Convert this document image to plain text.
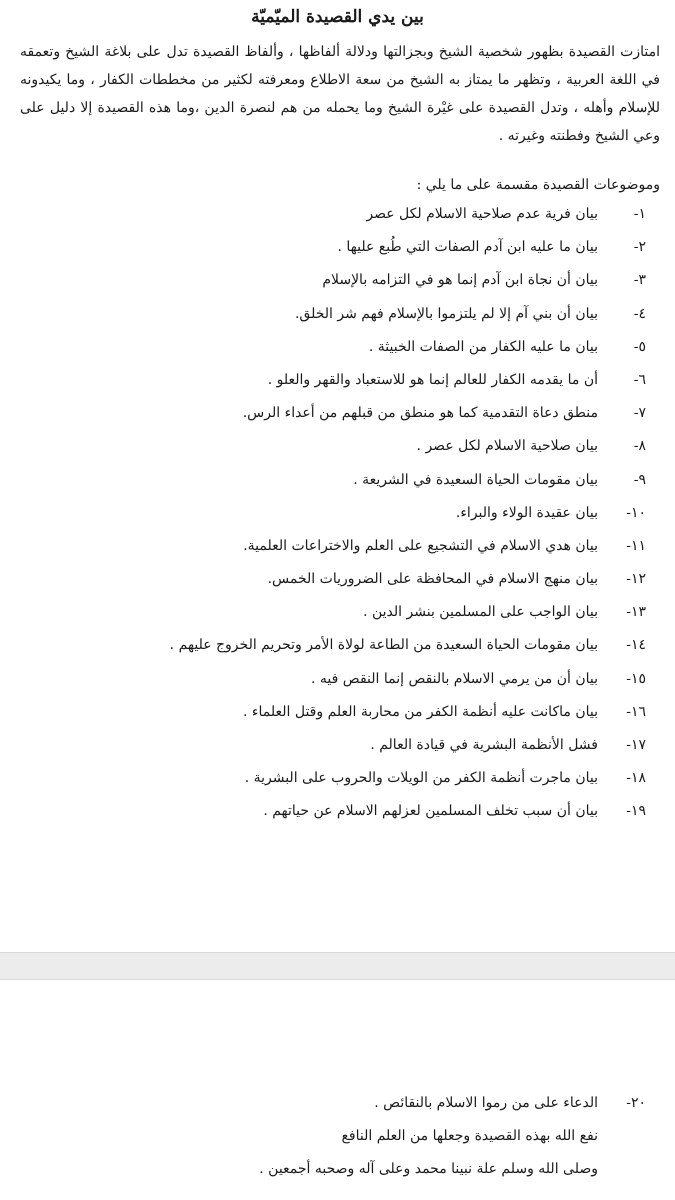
بين يدي القصيدة الميّميّة

امتازت القصيدة بظهور شخصية الشيخ وبجزالتها ودلالة ألفاظها ، وألفاظ القصيدة تدل على بلاغة الشيخ وتعمقه في اللغة العربية ، وتظهر ما يمتاز به الشيخ من سعة الاطلاع ومعرفته لكثير من مخططات الكفار ، وما يكيدونه للإسلام وأهله ، وتدل القصيدة على غيْرة الشيخ وما يحمله من هم لنصرة الدين ،وما هذه القصيدة إلا دليل على وعي الشيخ وفطنته وغيرته .

وموضوعات القصيدة مقسمة على ما يلي :

١-
بيان فرية عدم صلاحية الاسلام لكل عصر
٢-
بيان ما عليه ابن آدم الصفات التي طُبع عليها .
٣-
بيان أن نجاة ابن آدم إنما هو في التزامه بالإسلام
٤-
بيان أن بني آم إلا لم يلتزموا بالإسلام فهم شر الخلق.
٥-
بيان ما عليه الكفار من الصفات الخبيثة .
٦-
أن ما يقدمه الكفار للعالم إنما هو للاستعباد والقهر والعلو .
٧-
منطق دعاة التقدمية كما هو منطق من قبلهم من أعداء الرس.
٨-
بيان صلاحية الاسلام لكل عصر .
٩-
بيان مقومات الحياة السعيدة في الشريعة .
١٠-
بيان عقيدة الولاء والبراء.
١١-
بيان هدي الاسلام في التشجيع على العلم والاختراعات العلمية.
١٢-
بيان منهج الاسلام في المحافظة على الضروريات الخمس.
١٣-
بيان الواجب على المسلمين بنشر الدين .
١٤-
بيان مقومات الحياة السعيدة من الطاعة لولاة الأمر وتحريم الخروج عليهم .
١٥-
بيان أن من يرمي الاسلام بالنقص إنما النقص فيه .
١٦-
بيان ماكانت عليه أنظمة الكفر من محاربة العلم وقتل العلماء .
١٧-
فشل الأنظمة البشرية في قيادة العالم .
١٨-
بيان ماجرت أنظمة الكفر من الويلات والحروب على البشرية .
١٩-
بيان أن سبب تخلف المسلمين لعزلهم الاسلام عن حياتهم .
٢٠-
الدعاء على من رموا الاسلام بالنقائص .

نفع الله بهذه القصيدة وجعلها من العلم النافع

وصلى الله وسلم علة نبينا محمد وعلى آله وصحبه أجمعين .
